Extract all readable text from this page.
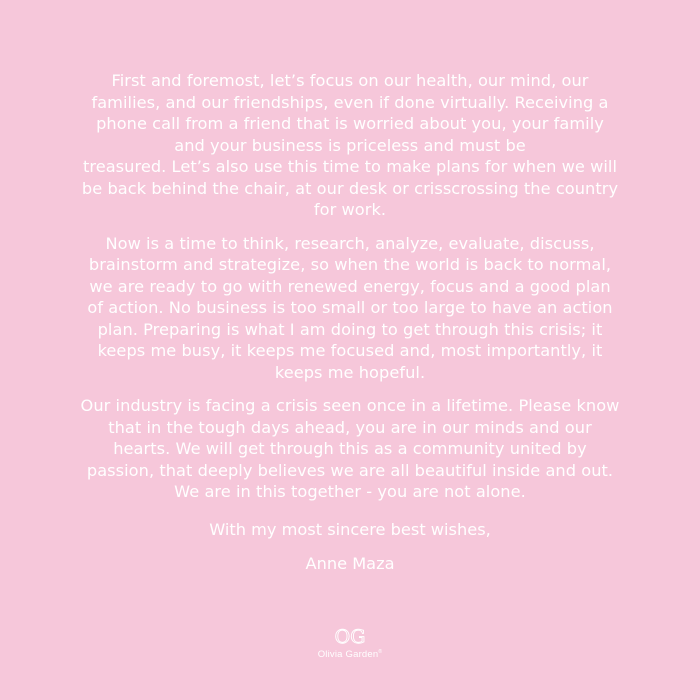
First and foremost, let’s focus on our health, our mind, our
families, and our friendships, even if done virtually. Receiving a
phone call from a friend that is worried about you, your family
and your business is priceless and must be
treasured. Let’s also use this time to make plans for when we will
be back behind the chair, at our desk or crisscrossing the country
for work.
Now is a time to think, research, analyze, evaluate, discuss,
brainstorm and strategize, so when the world is back to normal,
we are ready to go with renewed energy, focus and a good plan
of action. No business is too small or too large to have an action
plan. Preparing is what I am doing to get through this crisis; it
keeps me busy, it keeps me focused and, most importantly, it
keeps me hopeful.
Our industry is facing a crisis seen once in a lifetime. Please know
that in the tough days ahead, you are in our minds and our
hearts. We will get through this as a community united by
passion, that deeply believes we are all beautiful inside and out.
We are in this together - you are not alone.
With my most sincere best wishes,
Anne Maza
OG
Olivia Garden®
